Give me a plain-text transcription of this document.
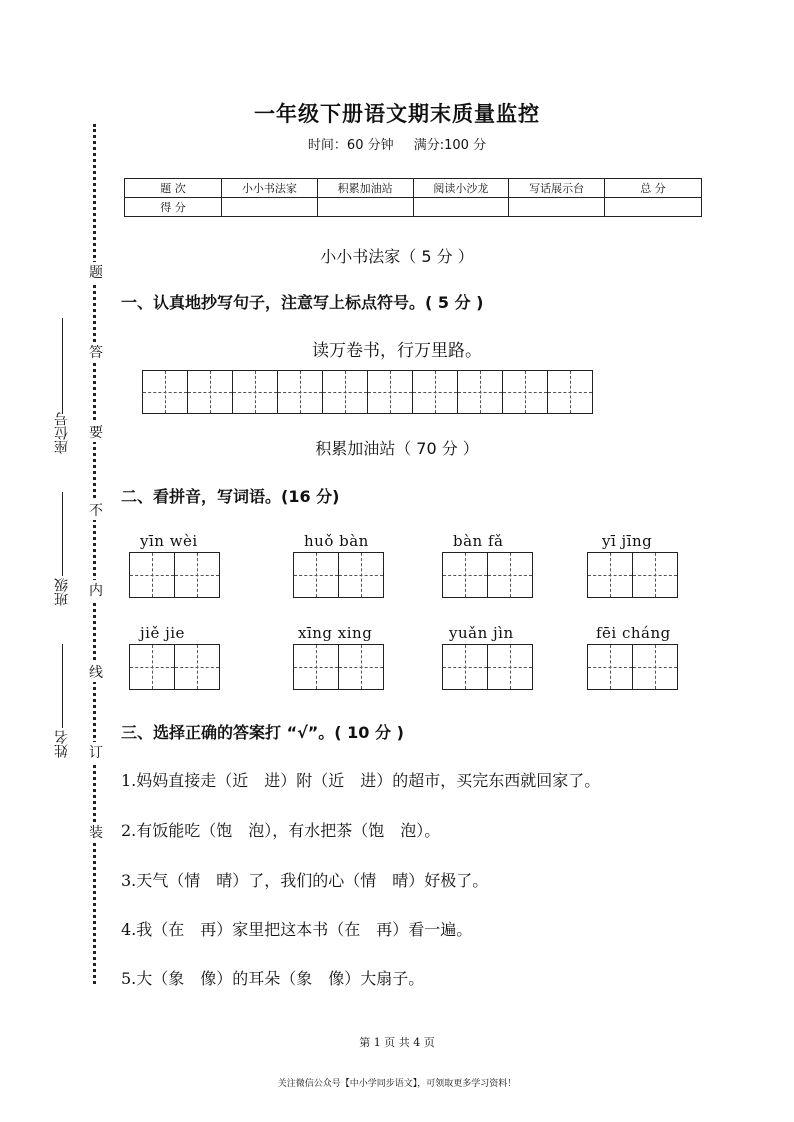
题
答
要
不
内
线
订
装
座位号
班级
姓名
一年级下册语文期末质量监控
时间：60 分钟 满分:100 分
题 次	小小书法家	积累加油站	阅读小沙龙	写话展示台	总 分
得 分					
小小书法家（ 5 分 ）
一、认真地抄写句子，注意写上标点符号。( 5 分 )
读万卷书，行万里路。
积累加油站（ 70 分 ）
二、看拼音，写词语。(16 分)
yīn wèi	huǒ bàn	bàn fǎ	yī jīng
jiě jie	xīng xing	yuǎn jìn	fēi cháng
三、选择正确的答案打 “√”。( 10 分 )
1.妈妈直接走（近　进）附（近　进）的超市，买完东西就回家了。
2.有饭能吃（饱　泡），有水把茶（饱　泡）。
3.天气（情　晴）了，我们的心（情　晴）好极了。
4.我（在　再）家里把这本书（在　再）看一遍。
5.大（象　像）的耳朵（象　像）大扇子。
第 1 页 共 4 页
关注微信公众号【中小学同步语文】，可领取更多学习资料！
